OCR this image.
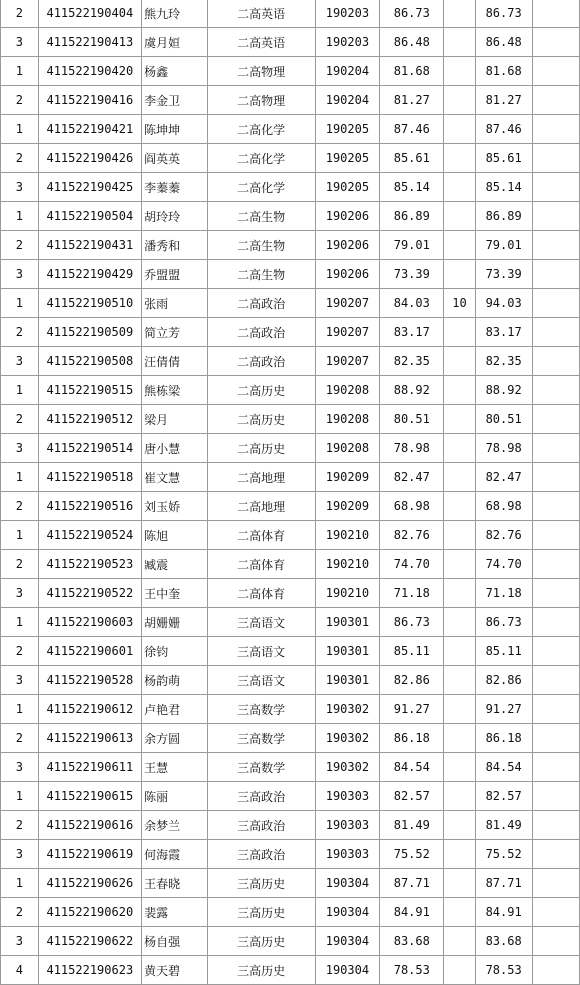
2	411522190404	熊九玲	二高英语	190203	86.73		86.73	
3	411522190413	虞月姮	二高英语	190203	86.48		86.48	
1	411522190420	杨鑫	二高物理	190204	81.68		81.68	
2	411522190416	李金卫	二高物理	190204	81.27		81.27	
1	411522190421	陈坤坤	二高化学	190205	87.46		87.46	
2	411522190426	阎英英	二高化学	190205	85.61		85.61	
3	411522190425	李蓁蓁	二高化学	190205	85.14		85.14	
1	411522190504	胡玲玲	二高生物	190206	86.89		86.89	
2	411522190431	潘秀和	二高生物	190206	79.01		79.01	
3	411522190429	乔盟盟	二高生物	190206	73.39		73.39	
1	411522190510	张雨	二高政治	190207	84.03	10	94.03	
2	411522190509	简立芳	二高政治	190207	83.17		83.17	
3	411522190508	汪倩倩	二高政治	190207	82.35		82.35	
1	411522190515	熊栋梁	二高历史	190208	88.92		88.92	
2	411522190512	梁月	二高历史	190208	80.51		80.51	
3	411522190514	唐小慧	二高历史	190208	78.98		78.98	
1	411522190518	崔文慧	二高地理	190209	82.47		82.47	
2	411522190516	刘玉娇	二高地理	190209	68.98		68.98	
1	411522190524	陈旭	二高体育	190210	82.76		82.76	
2	411522190523	臧震	二高体育	190210	74.70		74.70	
3	411522190522	王中奎	二高体育	190210	71.18		71.18	
1	411522190603	胡姗姗	三高语文	190301	86.73		86.73	
2	411522190601	徐钧	三高语文	190301	85.11		85.11	
3	411522190528	杨韵萌	三高语文	190301	82.86		82.86	
1	411522190612	卢艳君	三高数学	190302	91.27		91.27	
2	411522190613	余方圆	三高数学	190302	86.18		86.18	
3	411522190611	王慧	三高数学	190302	84.54		84.54	
1	411522190615	陈丽	三高政治	190303	82.57		82.57	
2	411522190616	余梦兰	三高政治	190303	81.49		81.49	
3	411522190619	何海霞	三高政治	190303	75.52		75.52	
1	411522190626	王春晓	三高历史	190304	87.71		87.71	
2	411522190620	裴露	三高历史	190304	84.91		84.91	
3	411522190622	杨自强	三高历史	190304	83.68		83.68	
4	411522190623	黄天碧	三高历史	190304	78.53		78.53	
